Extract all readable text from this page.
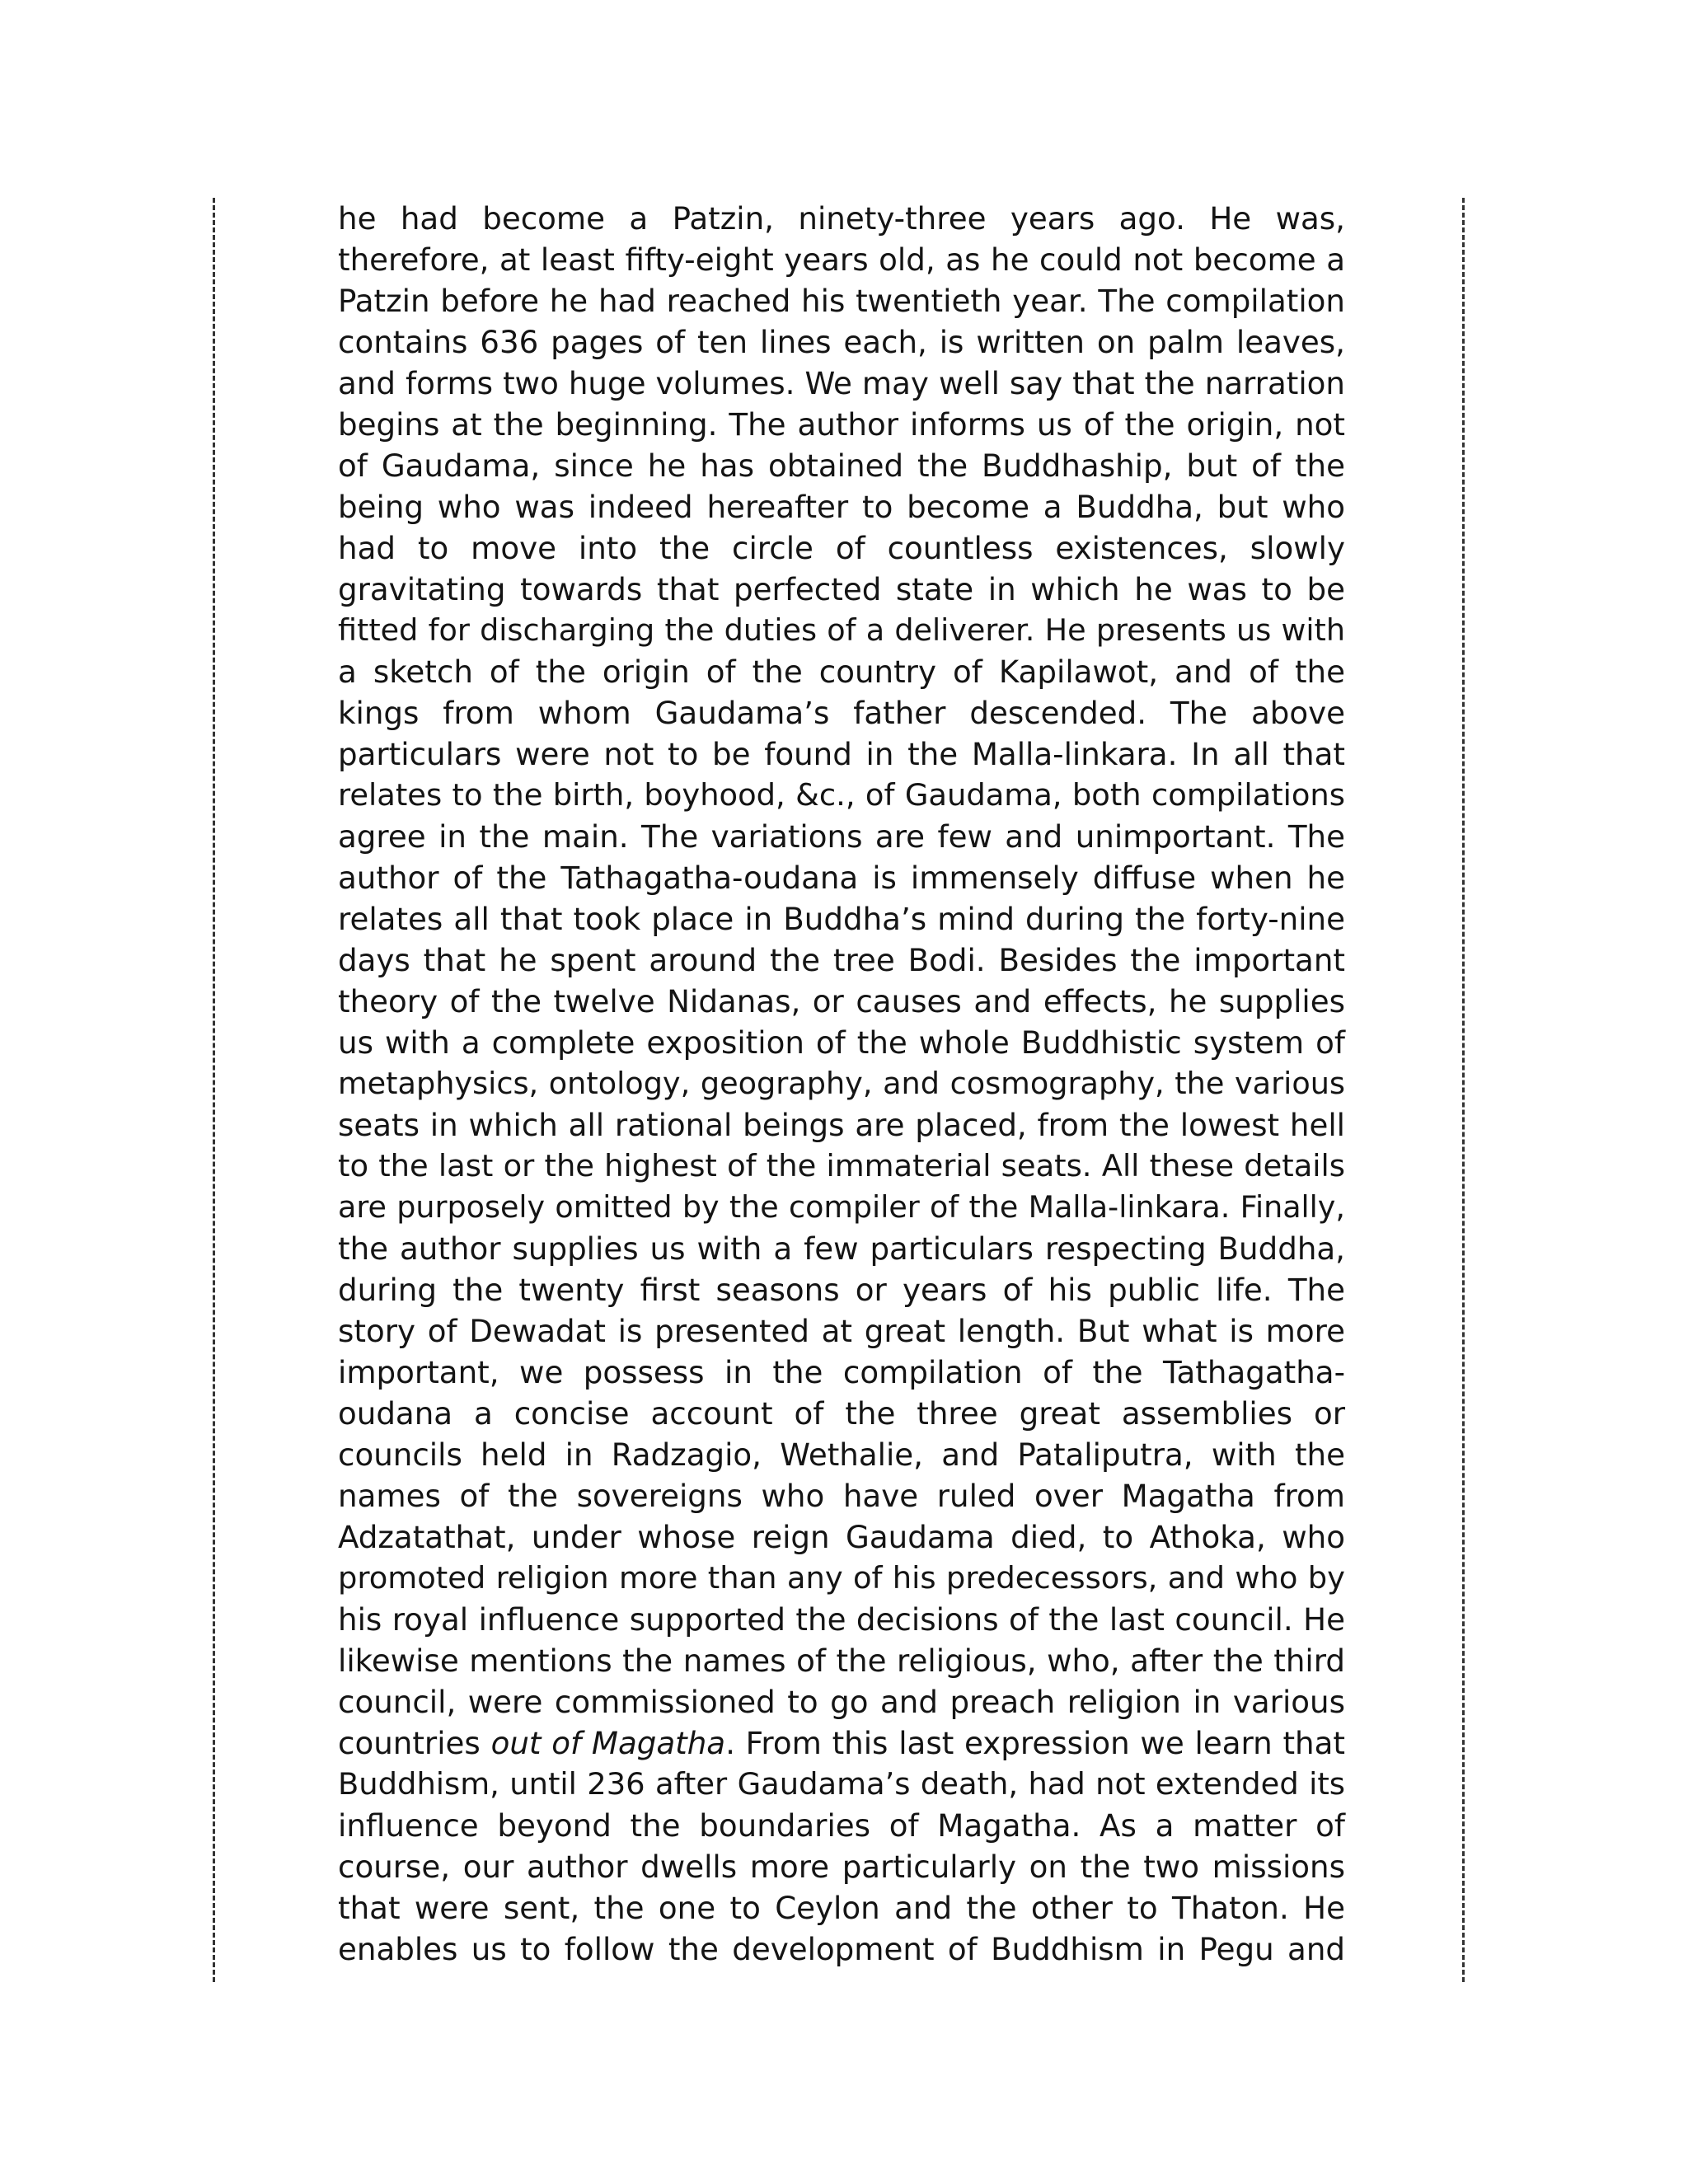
he had become a Patzin, ninety-three years ago. He was,
therefore, at least fifty-eight years old, as he could not become a
Patzin before he had reached his twentieth year. The compilation
contains 636 pages of ten lines each, is written on palm leaves,
and forms two huge volumes. We may well say that the narration
begins at the beginning. The author informs us of the origin, not
of Gaudama, since he has obtained the Buddhaship, but of the
being who was indeed hereafter to become a Buddha, but who
had to move into the circle of countless existences, slowly
gravitating towards that perfected state in which he was to be
fitted for discharging the duties of a deliverer. He presents us with
a sketch of the origin of the country of Kapilawot, and of the
kings from whom Gaudama’s father descended. The above
particulars were not to be found in the Malla-linkara. In all that
relates to the birth, boyhood, &c., of Gaudama, both compilations
agree in the main. The variations are few and unimportant. The
author of the Tathagatha-oudana is immensely diffuse when he
relates all that took place in Buddha’s mind during the forty-nine
days that he spent around the tree Bodi. Besides the important
theory of the twelve Nidanas, or causes and effects, he supplies
us with a complete exposition of the whole Buddhistic system of
metaphysics, ontology, geography, and cosmography, the various
seats in which all rational beings are placed, from the lowest hell
to the last or the highest of the immaterial seats. All these details
are purposely omitted by the compiler of the Malla-linkara. Finally,
the author supplies us with a few particulars respecting Buddha,
during the twenty first seasons or years of his public life. The
story of Dewadat is presented at great length. But what is more
important, we possess in the compilation of the Tathagatha-
oudana a concise account of the three great assemblies or
councils held in Radzagio, Wethalie, and Pataliputra, with the
names of the sovereigns who have ruled over Magatha from
Adzatathat, under whose reign Gaudama died, to Athoka, who
promoted religion more than any of his predecessors, and who by
his royal influence supported the decisions of the last council. He
likewise mentions the names of the religious, who, after the third
council, were commissioned to go and preach religion in various
countries out of Magatha. From this last expression we learn that
Buddhism, until 236 after Gaudama’s death, had not extended its
influence beyond the boundaries of Magatha. As a matter of
course, our author dwells more particularly on the two missions
that were sent, the one to Ceylon and the other to Thaton. He
enables us to follow the development of Buddhism in Pegu and
